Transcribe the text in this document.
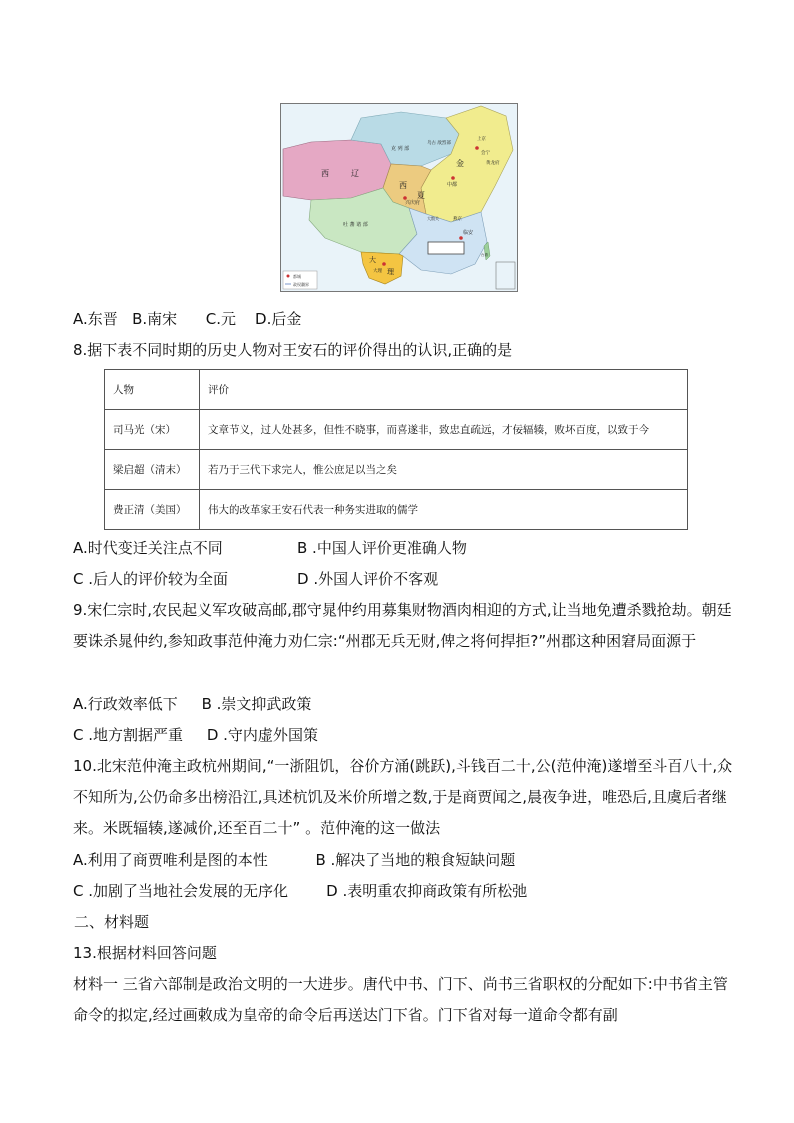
西	辽
克 列 部
乌古 敌烈部
金
上京
会宁
黄龙府
中都
西
夏
兴庆府
大散关
吐 蕃 诸 部
燕京
临安
大
理
大理
台湾
都城
政权疆界
A.东晋   B.南宋      C.元    D.后金
8.据下表不同时期的历史人物对王安石的评价得出的认识,正确的是
人物	评价
司马光（宋）	文章节义，过人处甚多，但性不晓事，而喜遂非，致忠直疏远，才佞辐辏，败坏百度，以致于今
梁启超（清末）	若乃于三代下求完人，惟公庶足以当之矣
费正清（美国）	伟大的改革家王安石代表一种务实进取的儒学
A.时代变迁关注点不同	B .中国人评价更准确人物
C .后人的评价较为全面	D .外国人评价不客观
9.宋仁宗时,农民起义军攻破高邮,郡守晁仲约用募集财物酒肉相迎的方式,让当地免遭杀戮抢劫。朝廷要诛杀晁仲约,参知政事范仲淹力劝仁宗:“州郡无兵无财,俾之将何捍拒?”州郡这种困窘局面源于
A.行政效率低下     B .崇文抑武政策
C .地方割据严重     D .守内虚外国策
10.北宋范仲淹主政杭州期间,“一浙阻饥，谷价方涌(跳跃),斗钱百二十,公(范仲淹)遂增至斗百八十,众不知所为,公仍命多出榜沿江,具述杭饥及米价所增之数,于是商贾闻之,晨夜争进，唯恐后,且虞后者继来。米既辐辏,遂减价,还至百二十” 。范仲淹的这一做法
A.利用了商贾唯利是图的本性          B .解决了当地的粮食短缺问题
C .加剧了当地社会发展的无序化        D .表明重农抑商政策有所松弛
二、材料题
13.根据材料回答问题
材料一 三省六部制是政治文明的一大进步。唐代中书、门下、尚书三省职权的分配如下:中书省主管命令的拟定,经过画敕成为皇帝的命令后再送达门下省。门下省对每一道命令都有副
